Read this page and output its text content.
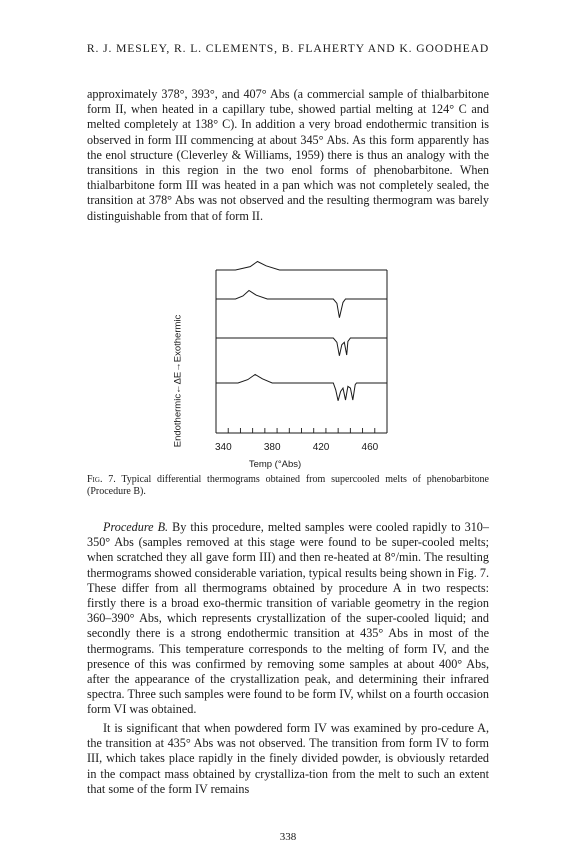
R. J. MESLEY, R. L. CLEMENTS, B. FLAHERTY AND K. GOODHEAD

approximately 378°, 393°, and 407° Abs (a commercial sample of thialbarbitone form II, when heated in a capillary tube, showed partial melting at 124° C and melted completely at 138° C). In addition a very broad endothermic transition is observed in form III commencing at about 345° Abs. As this form apparently has the enol structure (Cleverley & Williams, 1959) there is thus an analogy with the transitions in this region in the two enol forms of phenobarbitone. When thialbarbitone form III was heated in a pan which was not completely sealed, the transition at 378° Abs was not observed and the resulting thermogram was barely distinguishable from that of form II.

Endothermic←ΔE→Exothermic
340	380	420	460
Temp (°Abs)

Fig. 7. Typical differential thermograms obtained from supercooled melts of phenobarbitone (Procedure B).

Procedure B. By this procedure, melted samples were cooled rapidly to 310–350° Abs (samples removed at this stage were found to be super-cooled melts; when scratched they all gave form III) and then re-heated at 8°/min. The resulting thermograms showed considerable variation, typical results being shown in Fig. 7. These differ from all thermograms obtained by procedure A in two respects: firstly there is a broad exo-thermic transition of variable geometry in the region 360–390° Abs, which represents crystallization of the super-cooled liquid; and secondly there is a strong endothermic transition at 435° Abs in most of the thermograms. This temperature corresponds to the melting of form IV, and the presence of this was confirmed by removing some samples at about 400° Abs, after the appearance of the crystallization peak, and determining their infrared spectra. Three such samples were found to be form IV, whilst on a fourth occasion form VI was obtained.

It is significant that when powdered form IV was examined by pro-cedure A, the transition at 435° Abs was not observed. The transition from form IV to form III, which takes place rapidly in the finely divided powder, is obviously retarded in the compact mass obtained by crystalliza-tion from the melt to such an extent that some of the form IV remains

338
